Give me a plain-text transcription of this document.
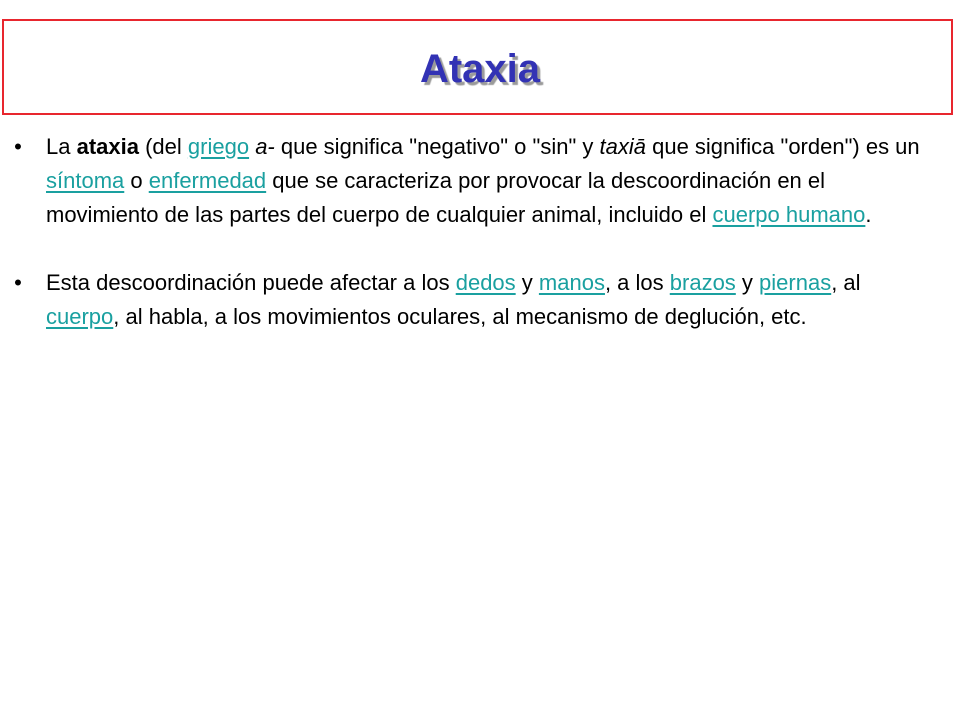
Ataxia
•	La ataxia (del griego a- que significa "negativo" o "sin" y taxiā que significa "orden") es un síntoma o enfermedad que se caracteriza por provocar la descoordinación en el movimiento de las partes del cuerpo de cualquier animal, incluido el cuerpo humano.
•	Esta descoordinación puede afectar a los dedos y manos, a los brazos y piernas, al cuerpo, al habla, a los movimientos oculares, al mecanismo de deglución, etc.
